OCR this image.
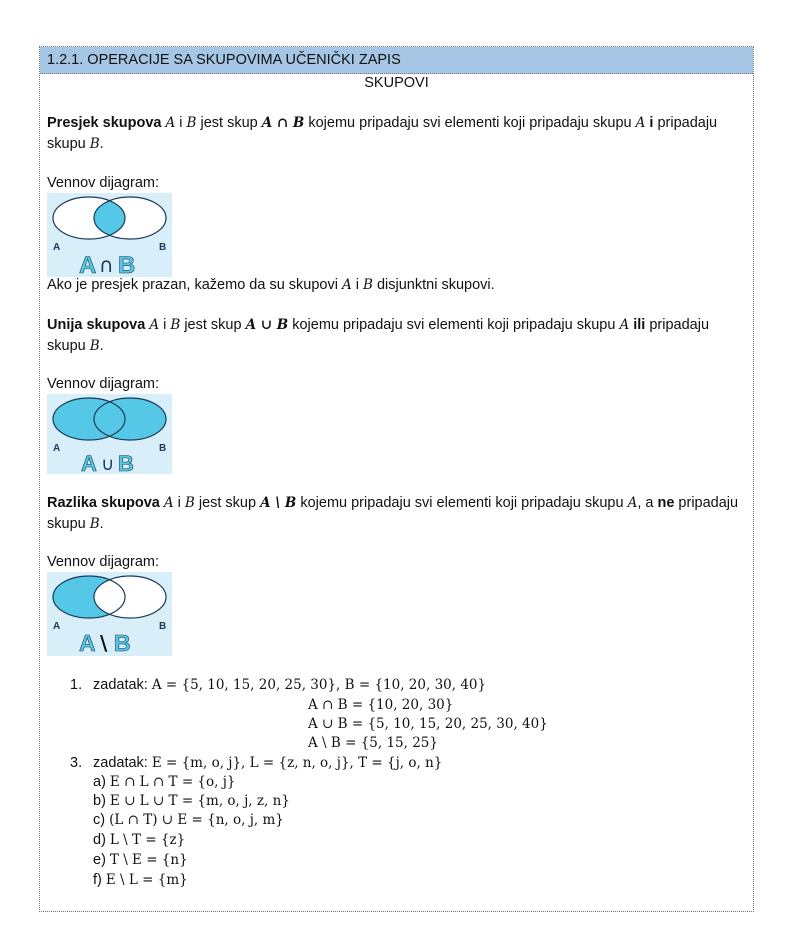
1.2.1. OPERACIJE SA SKUPOVIMA UČENIČKI ZAPIS
SKUPOVI
Presjek skupova A i B jest skup A ∩ B kojemu pripadaju svi elementi koji pripadaju skupu A i pripadaju
skupu B.
Vennov dijagram:
A	B
A ∩ B
Ako je presjek prazan, kažemo da su skupovi A i B disjunktni skupovi.
Unija skupova A i B jest skup A ∪ B kojemu pripadaju svi elementi koji pripadaju skupu A ili pripadaju
skupu B.
Vennov dijagram:
A	B
A ∪ B
Razlika skupova A i B jest skup A \ B kojemu pripadaju svi elementi koji pripadaju skupu A, a ne pripadaju
skupu B.
Vennov dijagram:
A	B
A \ B
1. zadatak: A = {5, 10, 15, 20, 25, 30}, B = {10, 20, 30, 40}
A ∩ B = {10, 20, 30}
A ∪ B = {5, 10, 15, 20, 25, 30, 40}
A \ B = {5, 15, 25}
3. zadatak: E = {m, o, j}, L = {z, n, o, j}, T = {j, o, n}
a) E ∩ L ∩ T = {o, j}
b) E ∪ L ∪ T = {m, o, j, z, n}
c) (L ∩ T) ∪ E = {n, o, j, m}
d) L \ T = {z}
e) T \ E = {n}
f) E \ L = {m}
